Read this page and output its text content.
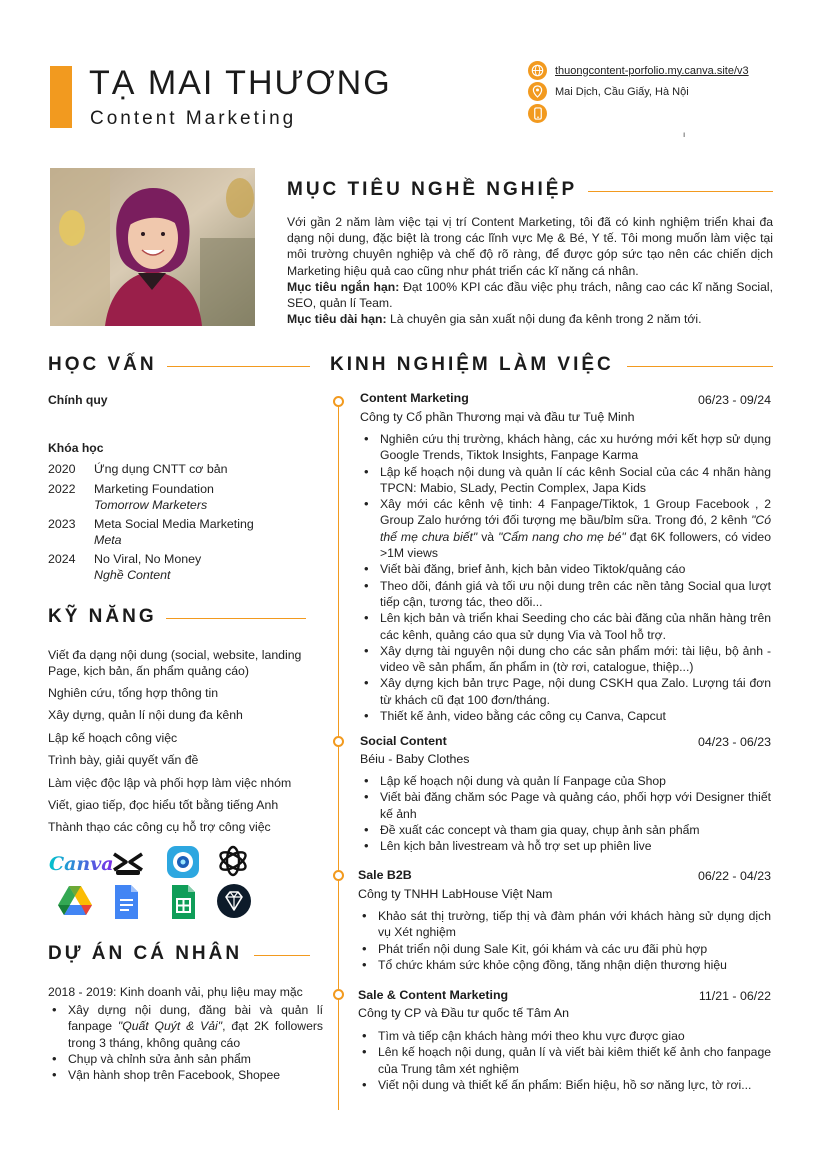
TẠ MAI THƯƠNG
Content Marketing
thuongcontent-porfolio.my.canva.site/v3
Mai Dịch, Cầu Giấy, Hà Nội
ı
MỤC TIÊU NGHỀ NGHIỆP
Với gần 2 năm làm việc tại vị trí Content Marketing, tôi đã có kinh nghiệm triển khai đa dạng nội dung, đặc biệt là trong các lĩnh vực Mẹ & Bé, Y tế. Tôi mong muốn làm việc tại môi trường chuyên nghiệp và chế độ rõ ràng, để được góp sức tạo nên các chiến dịch Marketing hiệu quả cao cũng như phát triển các kĩ năng cá nhân.
Mục tiêu ngắn hạn: Đạt 100% KPI các đầu việc phụ trách, nâng cao các kĩ năng Social, SEO, quản lí Team.
Mục tiêu dài hạn: Là chuyên gia sản xuất nội dung đa kênh trong 2 năm tới.
HỌC VẤN
Chính quy
Khóa học
2020 Ứng dụng CNTT cơ bản
2022 Marketing Foundation
Tomorrow Marketers
2023 Meta Social Media Marketing
Meta
2024 No Viral, No Money
Nghề Content
KỸ NĂNG
Viết đa dạng nội dung (social, website, landing Page, kịch bản, ấn phẩm quảng cáo)
Nghiên cứu, tổng hợp thông tin
Xây dựng, quản lí nội dung đa kênh
Lập kế hoạch công việc
Trình bày, giải quyết vấn đề
Làm việc độc lập và phối hợp làm việc nhóm
Viết, giao tiếp, đọc hiểu tốt bằng tiếng Anh
Thành thạo các công cụ hỗ trợ công việc
Canva
DỰ ÁN CÁ NHÂN
2018 - 2019: Kinh doanh vải, phụ liệu may mặc
• Xây dựng nội dung, đăng bài và quản lí fanpage "Quất Quýt & Vải", đạt 2K followers trong 3 tháng, không quảng cáo
• Chụp và chỉnh sửa ảnh sản phẩm
• Vận hành shop trên Facebook, Shopee
KINH NGHIỆM LÀM VIỆC
Content Marketing	06/23 - 09/24
Công ty Cổ phần Thương mại và đầu tư Tuệ Minh
• Nghiên cứu thị trường, khách hàng, các xu hướng mới kết hợp sử dụng Google Trends, Tiktok Insights, Fanpage Karma
• Lập kế hoạch nội dung và quản lí các kênh Social của các 4 nhãn hàng TPCN: Mabio, SLady, Pectin Complex, Japa Kids
• Xây mới các kênh vệ tinh: 4 Fanpage/Tiktok, 1 Group Facebook , 2 Group Zalo hướng tới đối tượng mẹ bầu/bỉm sữa. Trong đó, 2 kênh "Có thể mẹ chưa biết" và "Cẩm nang cho mẹ bé" đạt 6K followers, có video >1M views
• Viết bài đăng, brief ảnh, kịch bản video Tiktok/quảng cáo
• Theo dõi, đánh giá và tối ưu nội dung trên các nền tảng Social qua lượt tiếp cận, tương tác, theo dõi...
• Lên kịch bản và triển khai Seeding cho các bài đăng của nhãn hàng trên các kênh, quảng cáo qua sử dụng Via và Tool hỗ trợ.
• Xây dựng tài nguyên nội dung cho các sản phẩm mới: tài liệu, bộ ảnh - video về sản phẩm, ấn phẩm in (tờ rơi, catalogue, thiệp...)
• Xây dựng kịch bản trực Page, nội dung CSKH qua Zalo. Lượng tái đơn từ khách cũ đạt 100 đơn/tháng.
• Thiết kế ảnh, video bằng các công cụ Canva, Capcut
Social Content	04/23 - 06/23
Béiu - Baby Clothes
• Lập kế hoạch nội dung và quản lí Fanpage của Shop
• Viết bài đăng chăm sóc Page và quảng cáo, phối hợp với Designer thiết kế ảnh
• Đề xuất các concept và tham gia quay, chụp ảnh sản phẩm
• Lên kịch bản livestream và hỗ trợ set up phiên live
Sale B2B	06/22 - 04/23
Công ty TNHH LabHouse Việt Nam
• Khảo sát thị trường, tiếp thị và đàm phán với khách hàng sử dụng dịch vụ Xét nghiệm
• Phát triển nội dung Sale Kit, gói khám và các ưu đãi phù hợp
• Tổ chức khám sức khỏe cộng đồng, tăng nhận diện thương hiệu
Sale & Content Marketing	11/21 - 06/22
Công ty CP và Đầu tư quốc tế Tâm An
• Tìm và tiếp cận khách hàng mới theo khu vực được giao
• Lên kế hoạch nội dung, quản lí và viết bài kiêm thiết kế ảnh cho fanpage của Trung tâm xét nghiệm
• Viết nội dung và thiết kế ấn phẩm: Biển hiệu, hồ sơ năng lực, tờ rơi...
